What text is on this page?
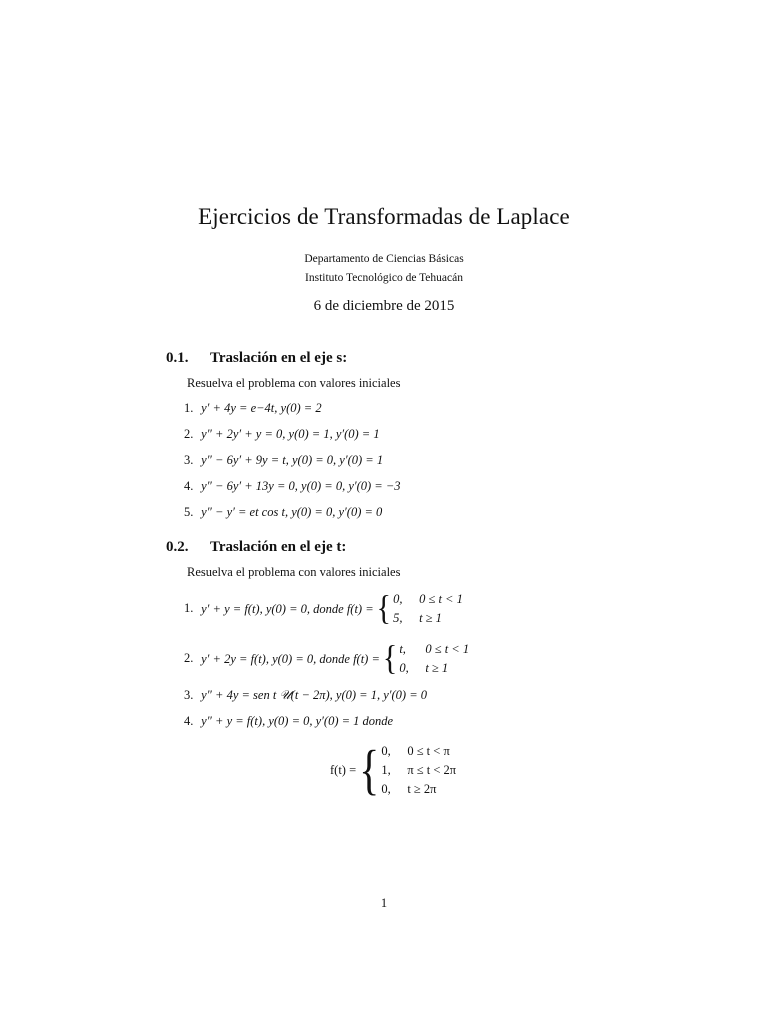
Ejercicios de Transformadas de Laplace
Departamento de Ciencias Básicas
Instituto Tecnológico de Tehuacán
6 de diciembre de 2015
0.1. Traslación en el eje s:
Resuelva el problema con valores iniciales
1. y′ + 4y = e−4t, y(0) = 2
2. y″ + 2y′ + y = 0, y(0) = 1, y′(0) = 1
3. y″ − 6y′ + 9y = t, y(0) = 0, y′(0) = 1
4. y″ − 6y′ + 13y = 0, y(0) = 0, y′(0) = −3
5. y″ − y′ = et cos t, y(0) = 0, y′(0) = 0
0.2. Traslación en el eje t:
Resuelva el problema con valores iniciales
1. y′ + y = f(t), y(0) = 0, donde f(t) = { 0, 0 ≤ t < 1
5, t ≥ 1
2. y′ + 2y = f(t), y(0) = 0, donde f(t) = { t, 0 ≤ t < 1
0, t ≥ 1
3. y″ + 4y = sen t 𝒰(t − 2π), y(0) = 1, y′(0) = 0
4. y″ + y = f(t), y(0) = 0, y′(0) = 1 donde
f(t) = { 0, 0 ≤ t < π
1, π ≤ t < 2π
0, t ≥ 2π
1
